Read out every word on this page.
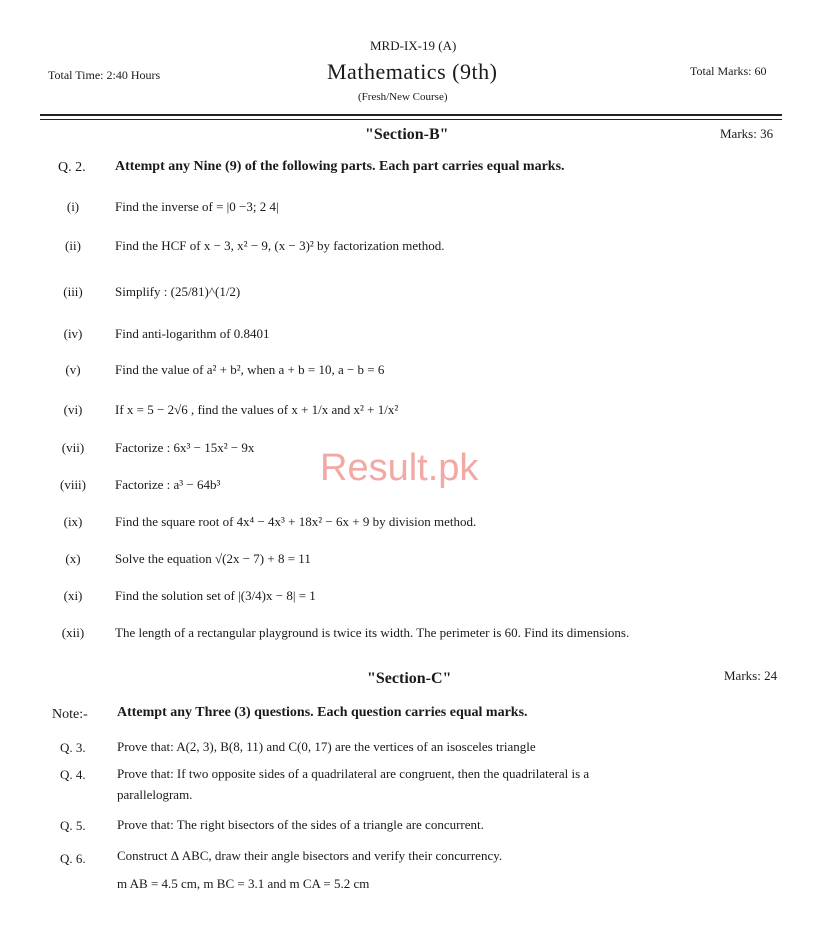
MRD-IX-19 (A)
Total Time: 2:40 Hours	Mathematics (9th)	Total Marks: 60
(Fresh/New Course)
"Section-B"	Marks: 36
Q. 2. Attempt any Nine (9) of the following parts. Each part carries equal marks.
(i)	Find the inverse of = |0 −3; 2 4|
(ii)	Find the HCF of x − 3, x² − 9, (x − 3)² by factorization method.
(iii)	Simplify : (25/81)^(1/2)
(iv)	Find anti-logarithm of 0.8401
(v)	Find the value of a² + b², when a + b = 10, a − b = 6
(vi)	If x = 5 − 2√6 , find the values of x + 1/x and x² + 1/x²
(vii)	Factorize : 6x³ − 15x² − 9x
(viii)	Factorize : a³ − 64b³
(ix)	Find the square root of 4x⁴ − 4x³ + 18x² − 6x + 9 by division method.
(x)	Solve the equation √(2x − 7) + 8 = 11
(xi)	Find the solution set of |(3/4)x − 8| = 1
(xii)	The length of a rectangular playground is twice its width. The perimeter is 60. Find its dimensions.
Result.pk
"Section-C"	Marks: 24
Note:- Attempt any Three (3) questions. Each question carries equal marks.
Q. 3. Prove that: A(2, 3), B(8, 11) and C(0, 17) are the vertices of an isosceles triangle
Q. 4. Prove that: If two opposite sides of a quadrilateral are congruent, then the quadrilateral is a
parallelogram.
Q. 5. Prove that: The right bisectors of the sides of a triangle are concurrent.
Q. 6. Construct Δ ABC, draw their angle bisectors and verify their concurrency.
m AB = 4.5 cm, m BC = 3.1 and m CA = 5.2 cm
